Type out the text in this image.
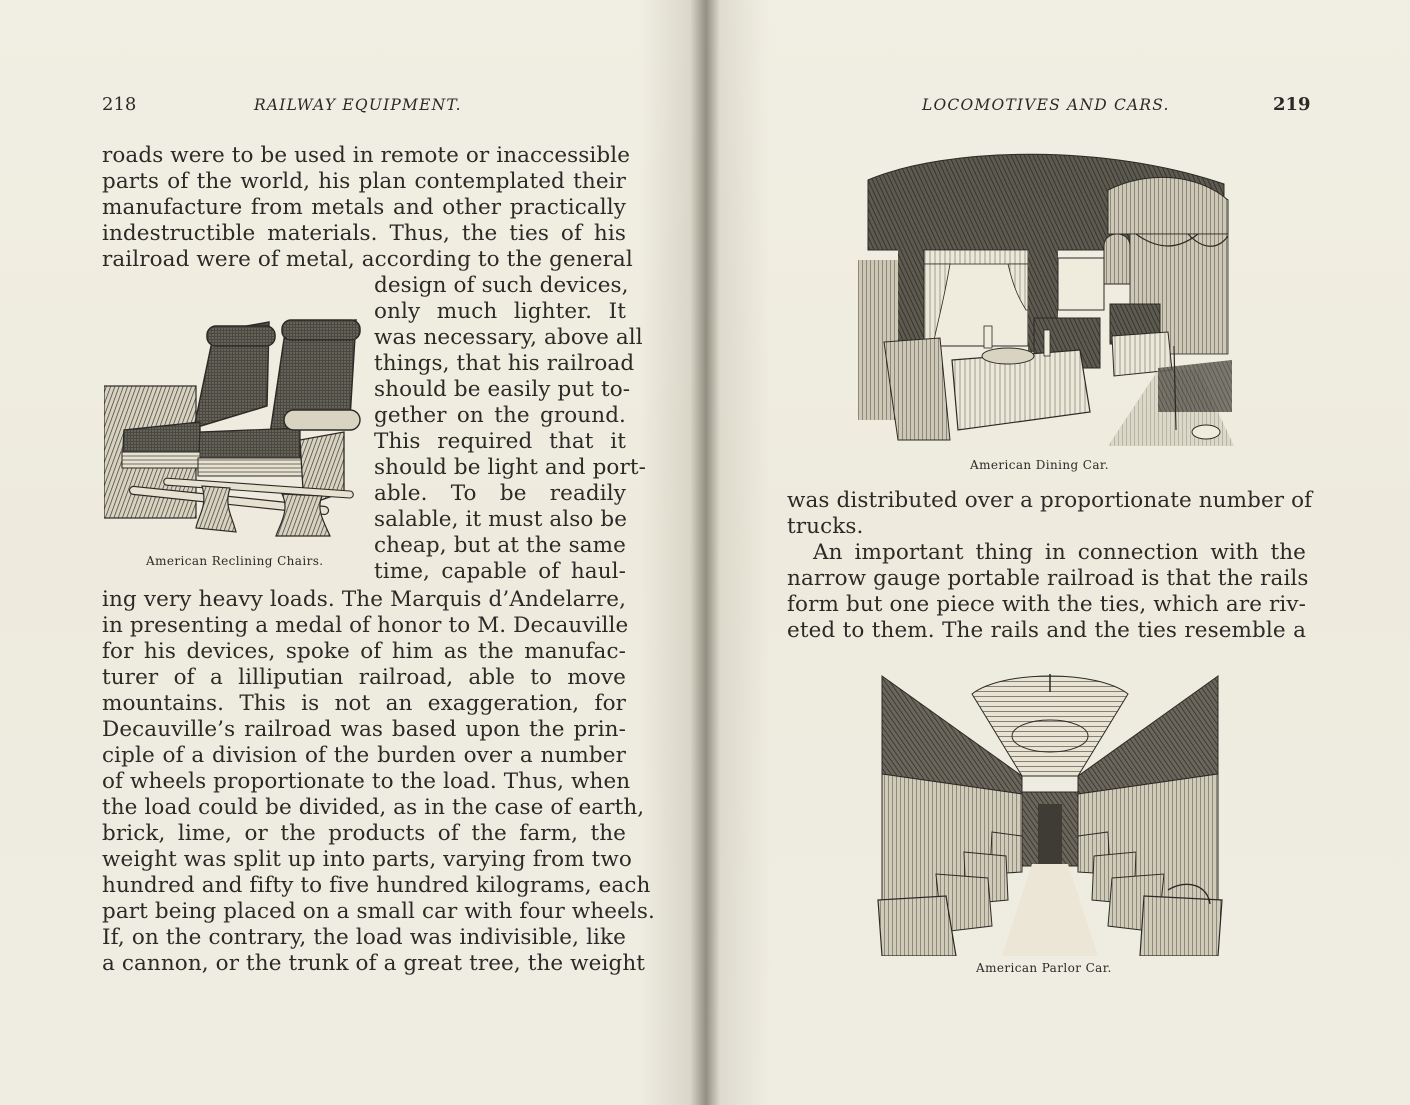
218	RAILWAY EQUIPMENT.
roads were to be used in remote or inaccessible
parts of the world, his plan contemplated their
manufacture from metals and other practically
indestructible materials. Thus, the ties of his
railroad were of metal, according to the general
design of such devices,
only much lighter. It
was necessary, above all
things, that his railroad
should be easily put to-
gether on the ground.
This required that it
should be light and port-
able. To be readily
salable, it must also be
cheap, but at the same
time, capable of haul-
ing very heavy loads. The Marquis d’Andelarre,
in presenting a medal of honor to M. Decauville
for his devices, spoke of him as the manufac-
turer of a lilliputian railroad, able to move
mountains. This is not an exaggeration, for
Decauville’s railroad was based upon the prin-
ciple of a division of the burden over a number
of wheels proportionate to the load. Thus, when
the load could be divided, as in the case of earth,
brick, lime, or the products of the farm, the
weight was split up into parts, varying from two
hundred and fifty to five hundred kilograms, each
part being placed on a small car with four wheels.
If, on the contrary, the load was indivisible, like
a cannon, or the trunk of a great tree, the weight
American Reclining Chairs.
LOCOMOTIVES AND CARS.	219
American Dining Car.
was distributed over a proportionate number of
trucks.
An important thing in connection with the
narrow gauge portable railroad is that the rails
form but one piece with the ties, which are riv-
eted to them. The rails and the ties resemble a
American Parlor Car.
